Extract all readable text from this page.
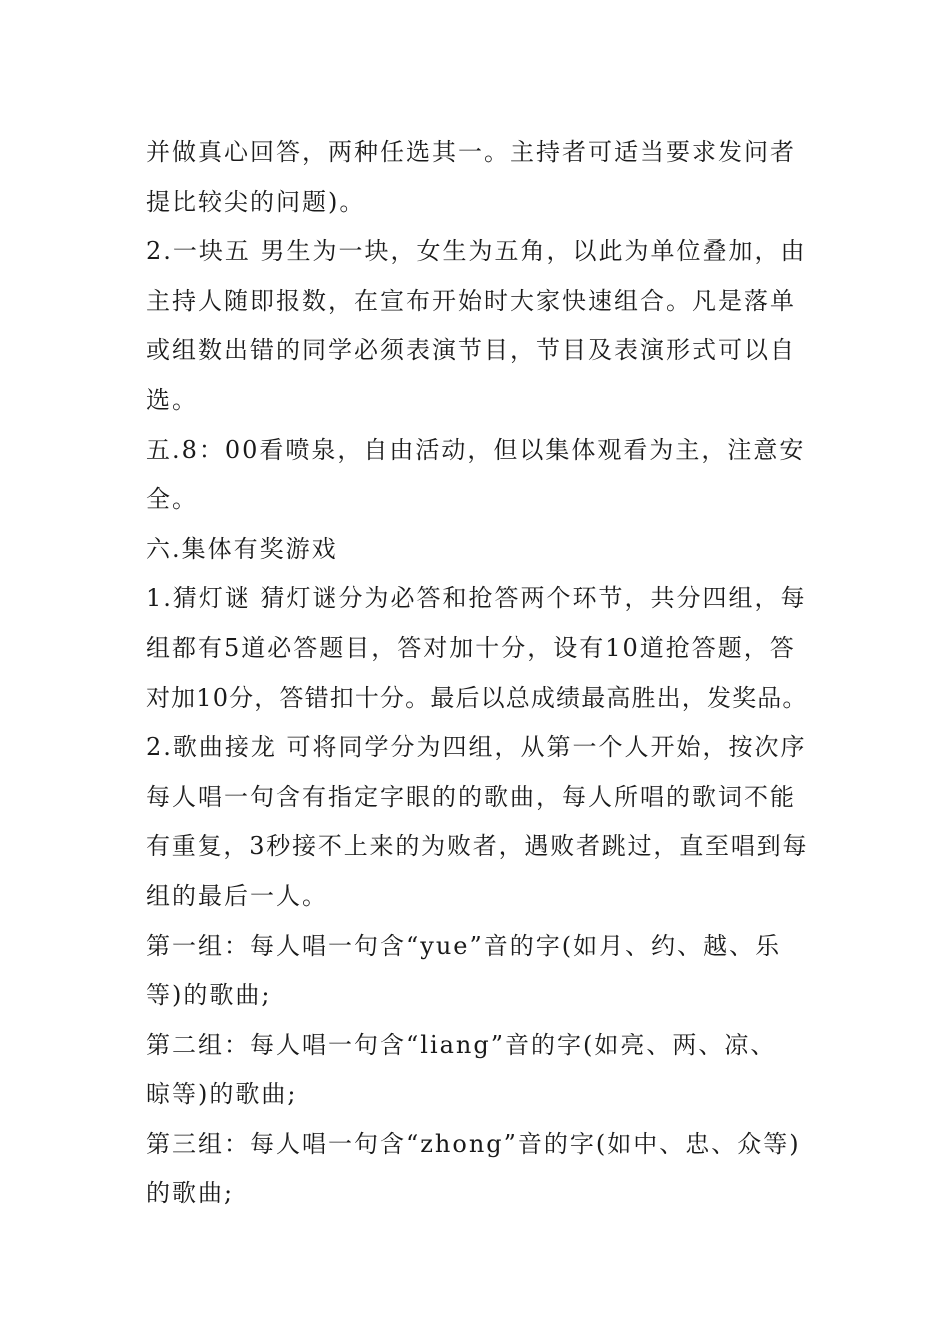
并做真心回答，两种任选其一。主持者可适当要求发问者
提比较尖的问题)。
2.一块五 男生为一块，女生为五角，以此为单位叠加，由
主持人随即报数，在宣布开始时大家快速组合。凡是落单
或组数出错的同学必须表演节目，节目及表演形式可以自
选。
五.8：00看喷泉，自由活动，但以集体观看为主，注意安
全。
六.集体有奖游戏
1.猜灯谜 猜灯谜分为必答和抢答两个环节，共分四组，每
组都有5道必答题目，答对加十分，设有10道抢答题，答
对加10分，答错扣十分。最后以总成绩最高胜出，发奖品。
2.歌曲接龙 可将同学分为四组，从第一个人开始，按次序
每人唱一句含有指定字眼的的歌曲，每人所唱的歌词不能
有重复，3秒接不上来的为败者，遇败者跳过，直至唱到每
组的最后一人。
第一组：每人唱一句含“yue”音的字(如月、约、越、乐
等)的歌曲;
第二组：每人唱一句含“liang”音的字(如亮、两、凉、
晾等)的歌曲;
第三组：每人唱一句含“zhong”音的字(如中、忠、众等)
的歌曲;
